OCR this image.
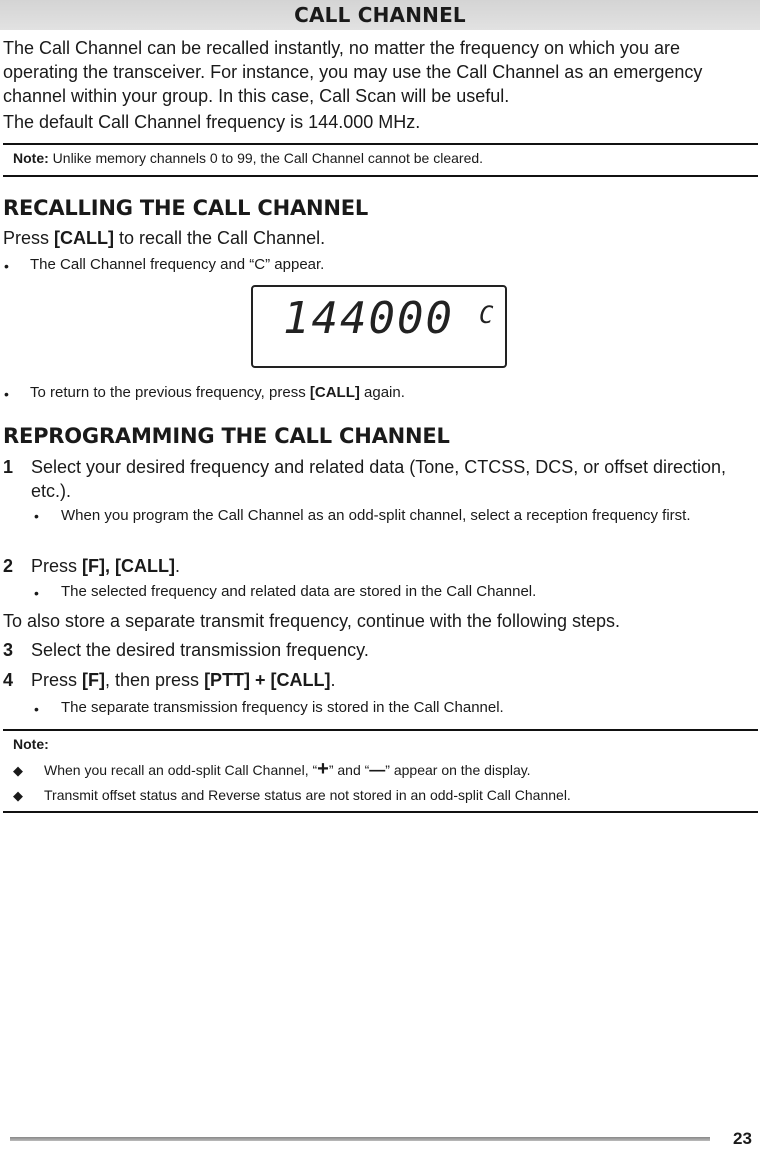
CALL CHANNEL
The Call Channel can be recalled instantly, no matter the frequency on which you are operating the transceiver. For instance, you may use the Call Channel as an emergency channel within your group. In this case, Call Scan will be useful.
The default Call Channel frequency is 144.000 MHz.
Note: Unlike memory channels 0 to 99, the Call Channel cannot be cleared.
RECALLING THE CALL CHANNEL
Press [CALL] to recall the Call Channel.
• The Call Channel frequency and “C” appear.
144000 C
• To return to the previous frequency, press [CALL] again.
REPROGRAMMING THE CALL CHANNEL
1 Select your desired frequency and related data (Tone, CTCSS, DCS, or offset direction, etc.).
• When you program the Call Channel as an odd-split channel, select a reception frequency first.
2 Press [F], [CALL].
• The selected frequency and related data are stored in the Call Channel.
To also store a separate transmit frequency, continue with the following steps.
3 Select the desired transmission frequency.
4 Press [F], then press [PTT] + [CALL].
• The separate transmission frequency is stored in the Call Channel.
Note:
◆ When you recall an odd-split Call Channel, “+” and “—” appear on the display.
◆ Transmit offset status and Reverse status are not stored in an odd-split Call Channel.
23
